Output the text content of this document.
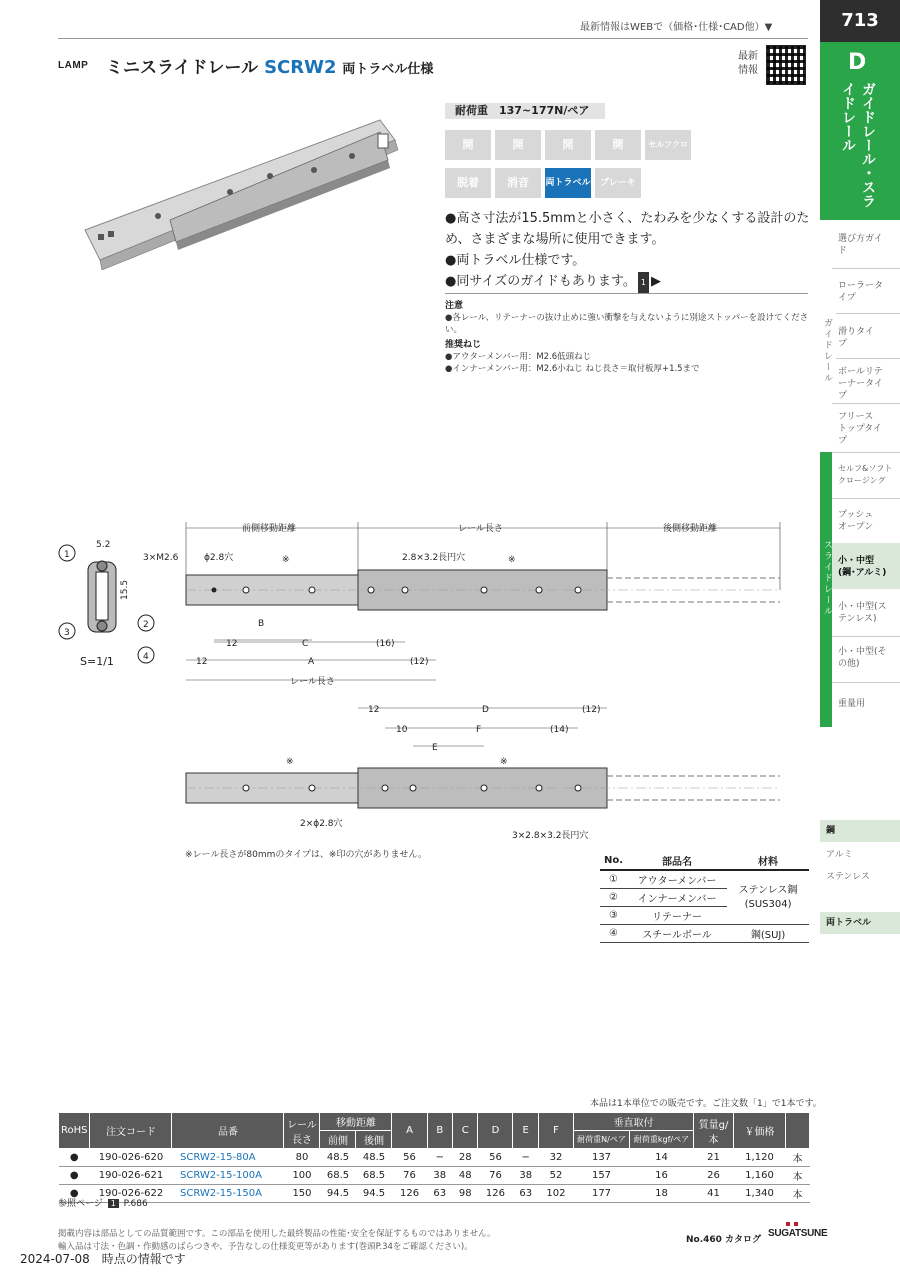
最新情報はWEBで（価格･仕様･CAD他）▼
LAMP ミニスライドレール SCRW2 両トラベル仕様
最新
情報
713
D
ガイドレール・スライドレール
選び方ガイド
ローラータイプ
滑りタイプ
ボールリテーナータイプ
フリーストップタイプ
ガイドレール
スライドレール
セルフ&ソフトクロージング
プッシュオープン
小・中型(鋼･アルミ)
小・中型(ステンレス)
小・中型(その他)
重量用
鋼
アルミ
ステンレス
両トラベル
耐荷重　137~177N/ペア
開	開	開	開	セルフクローズ
脱着	消音	両トラベル	ブレーキ
●高さ寸法が15.5mmと小さく、たわみを少なくする設計のため、さまざまな場所に使用できます。
●両トラベル仕様です。
●同サイズのガイドもあります。 1 ▶
注意
●各レール、リテーナーの抜け止めに強い衝撃を与えないように別途ストッパーを設けてください。
推奨ねじ
●アウターメンバー用：M2.6低頭ねじ
●インナーメンバー用：M2.6小ねじ ねじ長さ＝取付板厚+1.5まで
前側移動距離	レール長さ	後側移動距離
1
3
2
4
5.2
15.5
S=1/1
3×M2.6	ϕ2.8穴	※	2.8×3.2長円穴	※
B
12	C	(16)
12	A	(12)
レール長さ
12	D	(12)
10	F	(14)
E
※	※
2×ϕ2.8穴
3×2.8×3.2長円穴
※レール長さが80mmのタイプは、※印の穴がありません。	No.	部品名	材料
①	アウターメンバー	ステンレス鋼(SUS304)
②	インナーメンバー	
③	リテーナー	
④	スチールボール	鋼(SUJ)
本品は1本単位での販売です。ご注文数「1」で1本です。
RoHS	注文コード	品番	レール長さ	移動距離		A	B	C	D	E	F	垂直取付		質量g/本	￥価格	
				前側	後側							耐荷重N/ペア	耐荷重kgf/ペア			
●	190-026-620	SCRW2-15-80A	80	48.5	48.5	56	−	28	56	−	32	137	14	21	1,120	本
●	190-026-621	SCRW2-15-100A	100	68.5	68.5	76	38	48	76	38	52	157	16	26	1,160	本
●	190-026-622	SCRW2-15-150A	150	94.5	94.5	126	63	98	126	63	102	177	18	41	1,340	本
参照ページ 1 P.686
掲載内容は部品としての品質範囲です。この部品を使用した最終製品の性能･安全を保証するものではありません。
輸入品は寸法・色調・作動感のばらつきや、予告なしの仕様変更等があります(巻頭P.34をご確認ください)。
No.460 カタログ
SUGATSUNE
2024-07-08　時点の情報です
